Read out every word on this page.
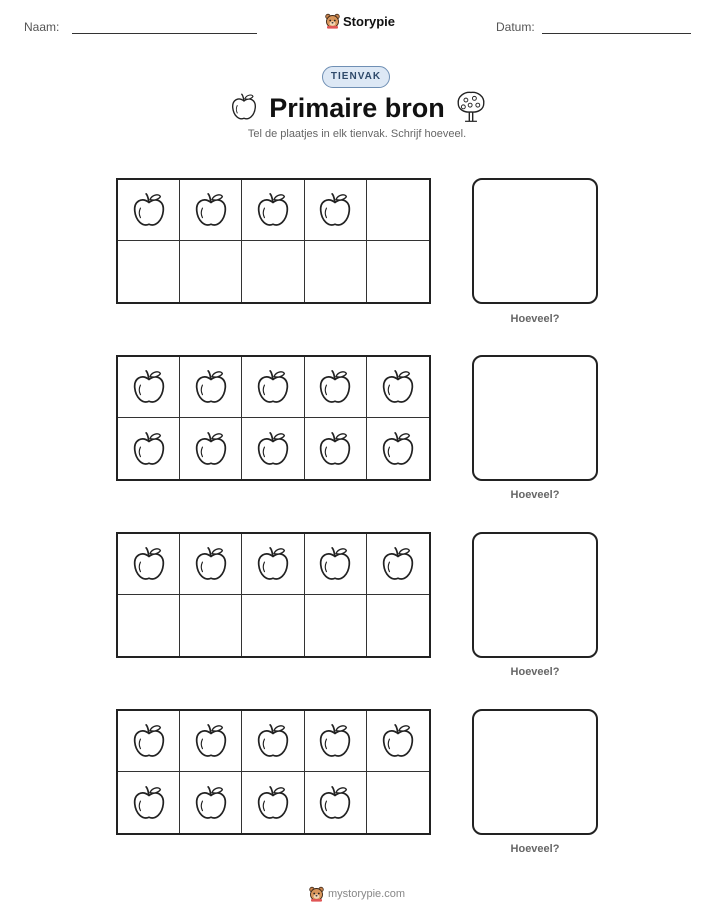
Naam:	Storypie	Datum:
TIENVAK
Primaire bron
Tel de plaatjes in elk tienvak. Schrijf hoeveel.
Hoeveel?
Hoeveel?
Hoeveel?
Hoeveel?
mystorypie.com
